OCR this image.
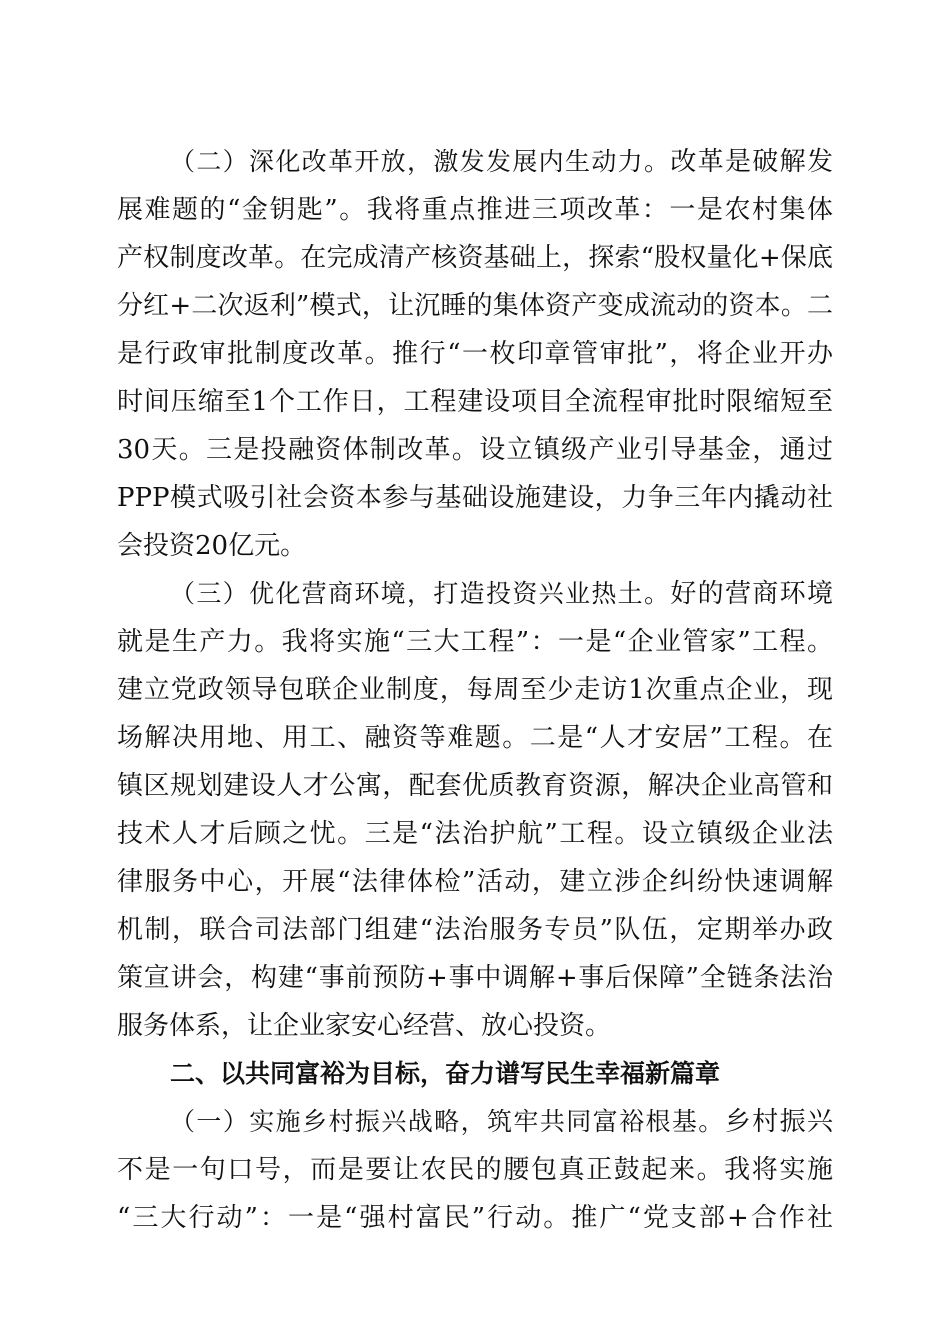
（二）深化改革开放，激发发展内生动力。改革是破解发
展难题的“金钥匙”。我将重点推进三项改革：一是农村集体
产权制度改革。在完成清产核资基础上，探索“股权量化+保底
分红+二次返利”模式，让沉睡的集体资产变成流动的资本。二
是行政审批制度改革。推行“一枚印章管审批”，将企业开办
时间压缩至1个工作日，工程建设项目全流程审批时限缩短至
30天。三是投融资体制改革。设立镇级产业引导基金，通过
PPP模式吸引社会资本参与基础设施建设，力争三年内撬动社
会投资20亿元。
（三）优化营商环境，打造投资兴业热土。好的营商环境
就是生产力。我将实施“三大工程”：一是“企业管家”工程。
建立党政领导包联企业制度，每周至少走访1次重点企业，现
场解决用地、用工、融资等难题。二是“人才安居”工程。在
镇区规划建设人才公寓，配套优质教育资源，解决企业高管和
技术人才后顾之忧。三是“法治护航”工程。设立镇级企业法
律服务中心，开展“法律体检”活动，建立涉企纠纷快速调解
机制，联合司法部门组建“法治服务专员”队伍，定期举办政
策宣讲会，构建“事前预防+事中调解+事后保障”全链条法治
服务体系，让企业家安心经营、放心投资。
二、以共同富裕为目标，奋力谱写民生幸福新篇章
（一）实施乡村振兴战略，筑牢共同富裕根基。乡村振兴
不是一句口号，而是要让农民的腰包真正鼓起来。我将实施
“三大行动”：一是“强村富民”行动。推广“党支部+合作社
